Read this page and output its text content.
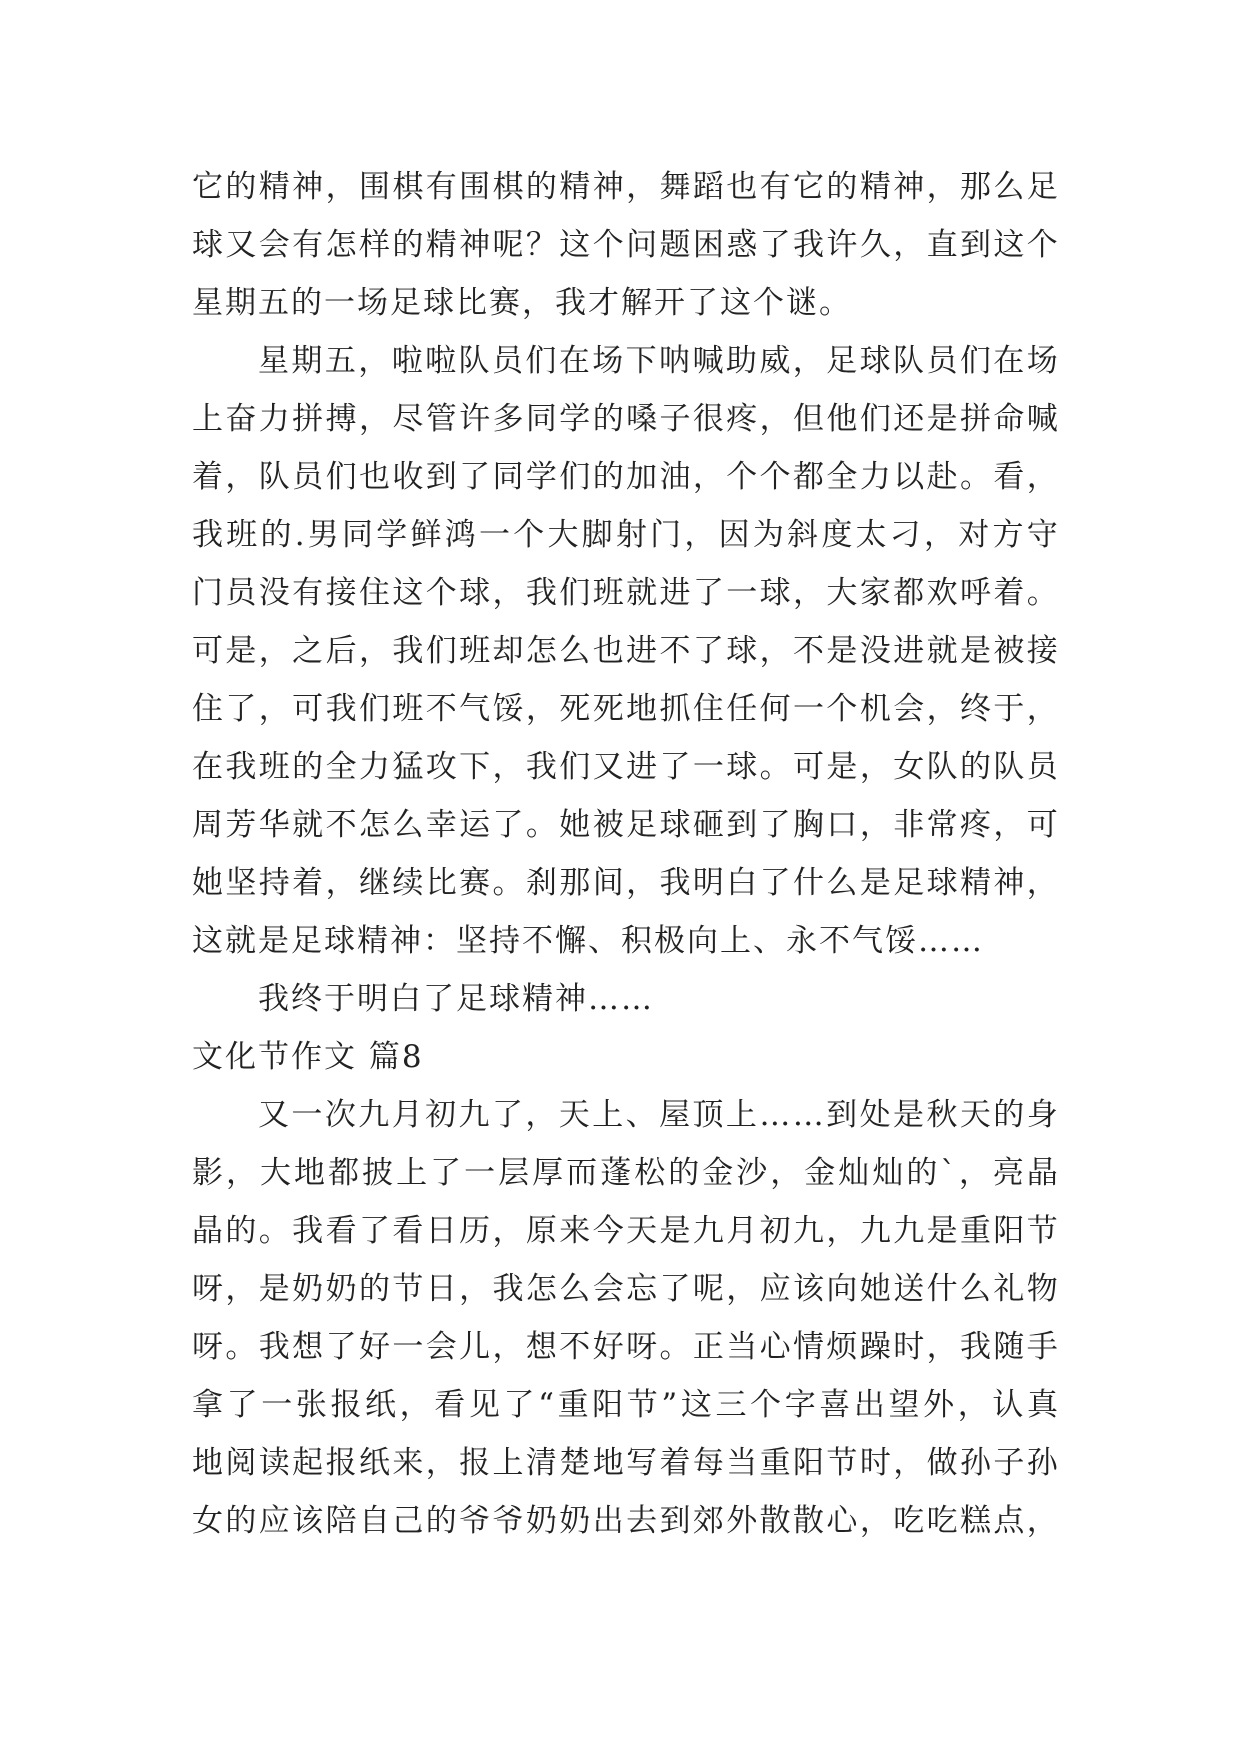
它 的 精 神 ， 围 棋 有 围 棋 的 精 神 ， 舞 蹈 也 有 它 的 精 神 ， 那 么 足
球 又 会 有 怎 样 的 精 神 呢 ？ 这 个 问 题 困 惑 了 我 许 久 ， 直 到 这 个
星期五的一场足球比赛，我才解开了这个谜。
星 期 五 ， 啦 啦 队 员 们 在 场 下 呐 喊 助 威 ， 足 球 队 员 们 在 场
上 奋 力 拼 搏 ， 尽 管 许 多 同 学 的 嗓 子 很 疼 ， 但 他 们 还 是 拼 命 喊
着 ， 队 员 们 也 收 到 了 同 学 们 的 加 油 ， 个 个 都 全 力 以 赴 。 看 ，
我 班 的 . 男 同 学 鲜 鸿 一 个 大 脚 射 门 ， 因 为 斜 度 太 刁 ， 对 方 守
门 员 没 有 接 住 这 个 球 ， 我 们 班 就 进 了 一 球 ， 大 家 都 欢 呼 着 。
可 是 ， 之 后 ， 我 们 班 却 怎 么 也 进 不 了 球 ， 不 是 没 进 就 是 被 接
住 了 ， 可 我 们 班 不 气 馁 ， 死 死 地 抓 住 任 何 一 个 机 会 ， 终 于 ，
在 我 班 的 全 力 猛 攻 下 ， 我 们 又 进 了 一 球 。 可 是 ， 女 队 的 队 员
周 芳 华 就 不 怎 么 幸 运 了 。 她 被 足 球 砸 到 了 胸 口 ， 非 常 疼 ， 可
她 坚 持 着 ， 继 续 比 赛 。 刹 那 间 ， 我 明 白 了 什 么 是 足 球 精 神 ，
这就是足球精神：坚持不懈、积极向上、永不气馁……
我终于明白了足球精神……
文化节作文 篇8
又 一 次 九 月 初 九 了 ， 天 上 、 屋 顶 上 … … 到 处 是 秋 天 的 身
影 ， 大 地 都 披 上 了 一 层 厚 而 蓬 松 的 金 沙 ， 金 灿 灿 的 ` ， 亮 晶
晶 的 。 我 看 了 看 日 历 ， 原 来 今 天 是 九 月 初 九 ， 九 九 是 重 阳 节
呀 ， 是 奶 奶 的 节 日 ， 我 怎 么 会 忘 了 呢 ， 应 该 向 她 送 什 么 礼 物
呀 。 我 想 了 好 一 会 儿 ， 想 不 好 呀 。 正 当 心 情 烦 躁 时 ， 我 随 手
拿 了 一 张 报 纸 ， 看 见 了 “ 重 阳 节 ” 这 三 个 字 喜 出 望 外 ， 认 真
地 阅 读 起 报 纸 来 ， 报 上 清 楚 地 写 着 每 当 重 阳 节 时 ， 做 孙 子 孙
女 的 应 该 陪 自 己 的 爷 爷 奶 奶 出 去 到 郊 外 散 散 心 ， 吃 吃 糕 点 ，
